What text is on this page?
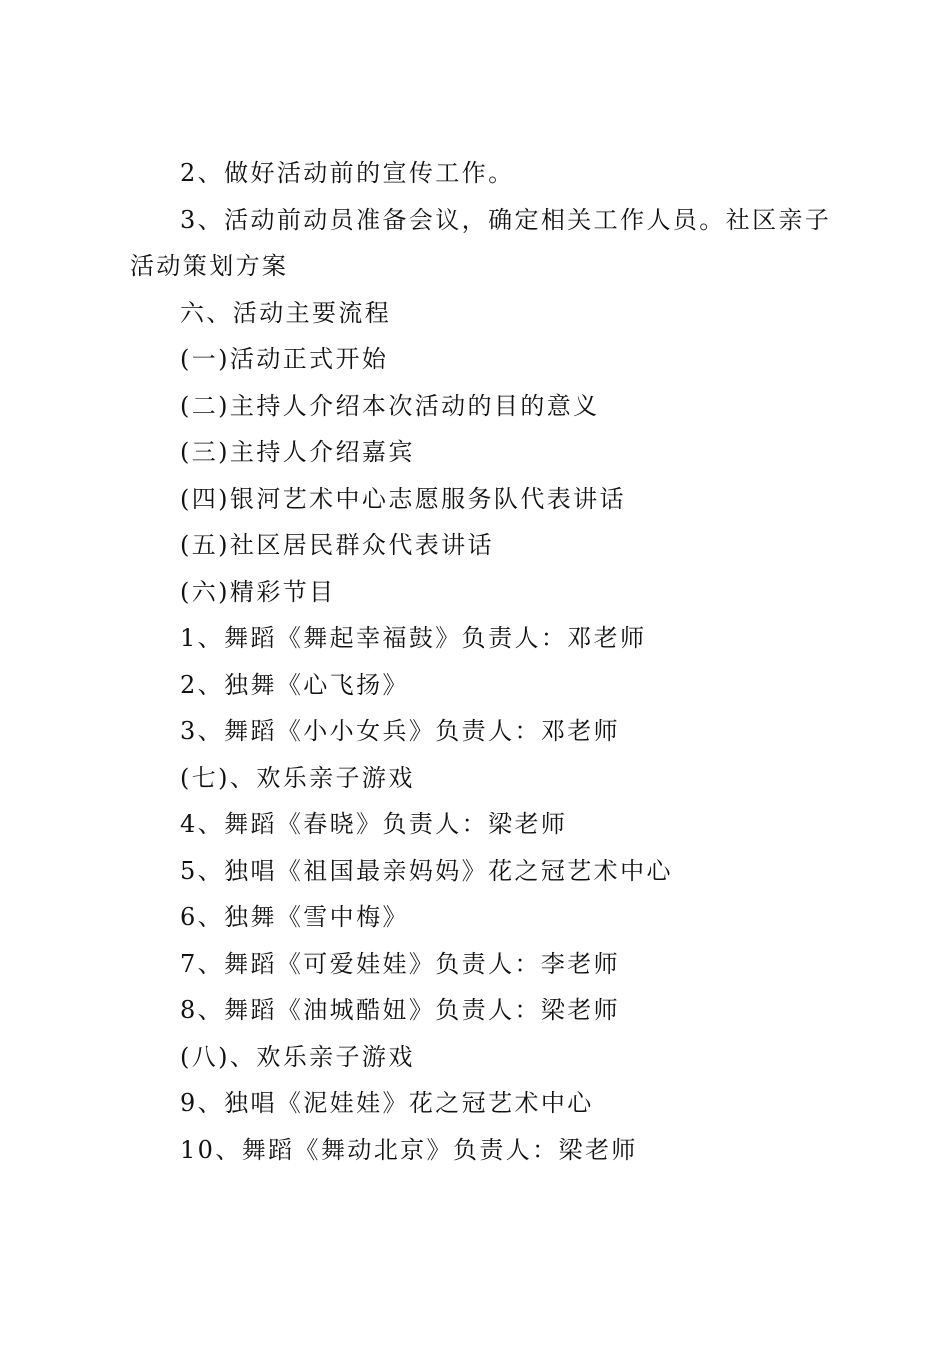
2、做好活动前的宣传工作。

3、活动前动员准备会议，确定相关工作人员。社区亲子

活动策划方案

六、活动主要流程

(一)活动正式开始

(二)主持人介绍本次活动的目的意义

(三)主持人介绍嘉宾

(四)银河艺术中心志愿服务队代表讲话

(五)社区居民群众代表讲话

(六)精彩节目

1、舞蹈《舞起幸福鼓》负责人：邓老师

2、独舞《心飞扬》

3、舞蹈《小小女兵》负责人：邓老师

(七)、欢乐亲子游戏

4、舞蹈《春晓》负责人：梁老师

5、独唱《祖国最亲妈妈》花之冠艺术中心

6、独舞《雪中梅》

7、舞蹈《可爱娃娃》负责人：李老师

8、舞蹈《油城酷妞》负责人：梁老师

(八)、欢乐亲子游戏

9、独唱《泥娃娃》花之冠艺术中心

10、舞蹈《舞动北京》负责人：梁老师
